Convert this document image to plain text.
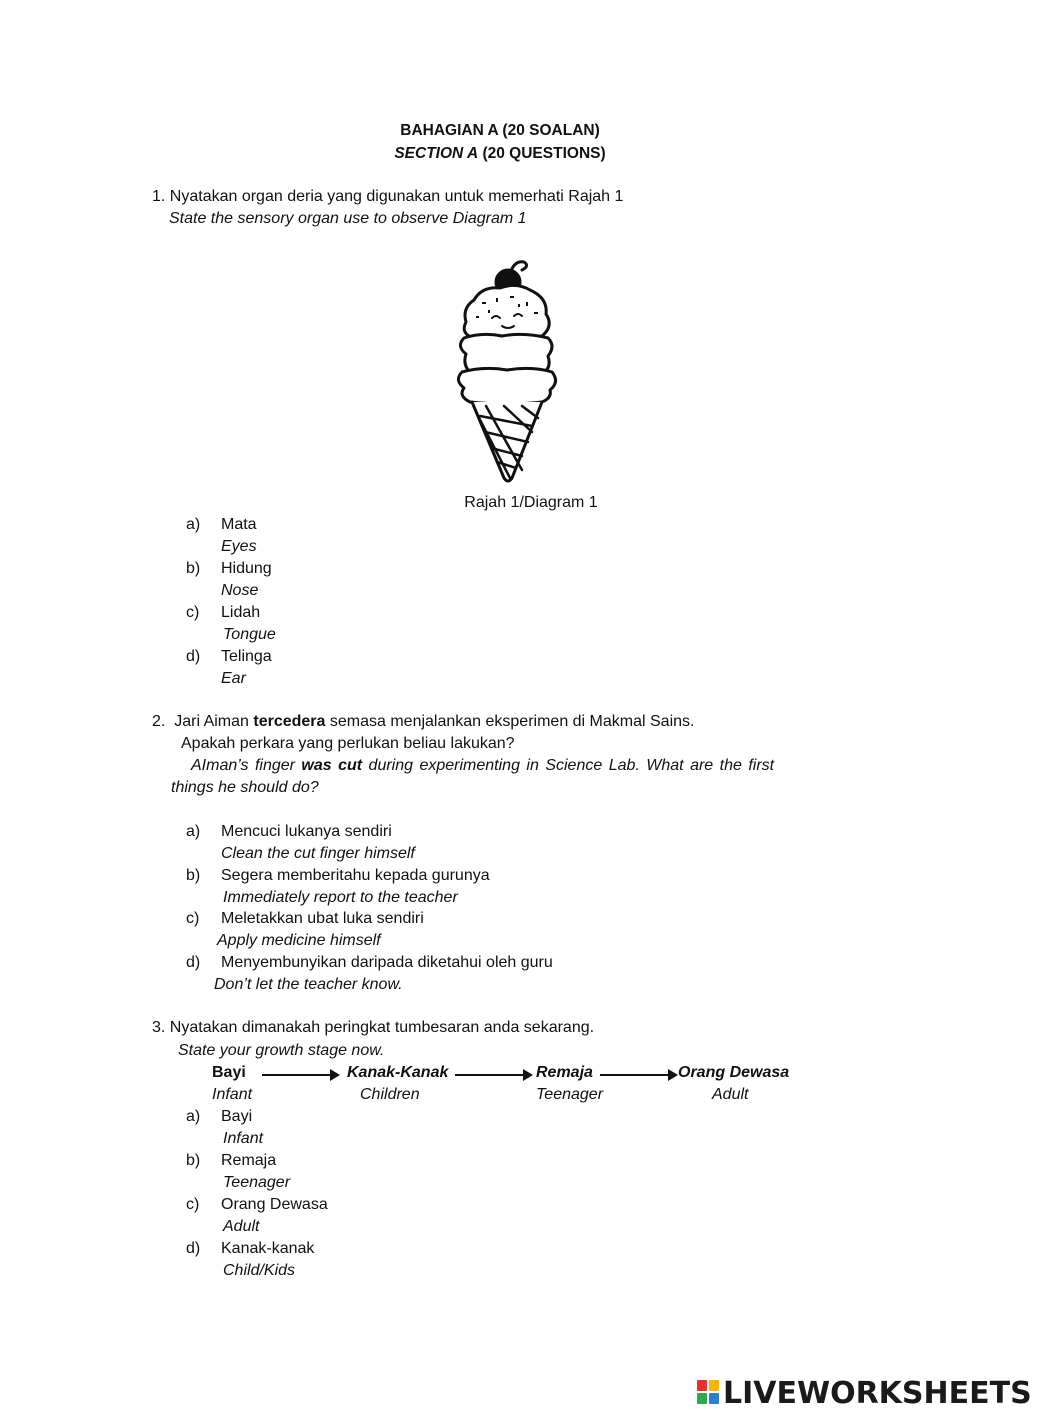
BAHAGIAN A (20 SOALAN)
SECTION A (20 QUESTIONS)
1. Nyatakan organ deria yang digunakan untuk memerhati Rajah 1
State the sensory organ use to observe Diagram 1
Rajah 1/Diagram 1
a) Mata
Eyes
b) Hidung
Nose
c) Lidah
Tongue
d) Telinga
Ear
2. Jari Aiman tercedera semasa menjalankan eksperimen di Makmal Sains.
Apakah perkara yang perlukan beliau lakukan?
AIman’s finger was cut during experimenting in Science Lab. What are the first
things he should do?
a) Mencuci lukanya sendiri
Clean the cut finger himself
b) Segera memberitahu kepada gurunya
Immediately report to the teacher
c) Meletakkan ubat luka sendiri
Apply medicine himself
d) Menyembunyikan daripada diketahui oleh guru
Don’t let the teacher know.
3. Nyatakan dimanakah peringkat tumbesaran anda sekarang.
State your growth stage now.
Bayi	Kanak-Kanak	Remaja	Orang Dewasa
Infant	Children	Teenager	Adult
a) Bayi
Infant
b) Remaja
Teenager
c) Orang Dewasa
Adult
d) Kanak-kanak
Child/Kids
LIVEWORKSHEETS
